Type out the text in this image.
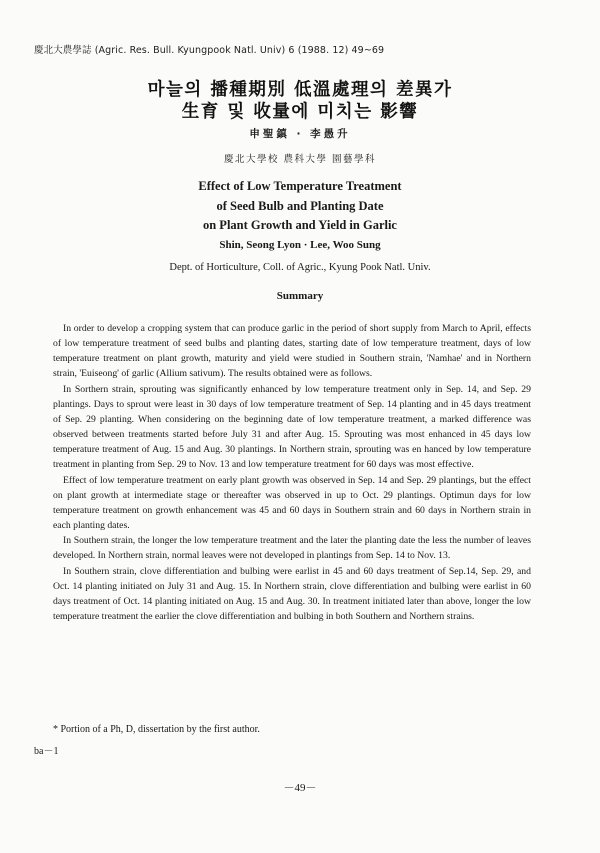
慶北大農學誌 (Agric. Res. Bull. Kyungpook Natl. Univ) 6 (1988. 12) 49~69
마늘의 播種期別 低溫處理의 差異가
生育 및 收量에 미치는 影響
申聖鎮 · 李愚升
慶北大學校 農科大學 園藝學科
Effect of Low Temperature Treatment
of Seed Bulb and Planting Date
on Plant Growth and Yield in Garlic
Shin, Seong Lyon · Lee, Woo Sung
Dept. of Horticulture, Coll. of Agric., Kyung Pook Natl. Univ.
Summary

In order to develop a cropping system that can produce garlic in the period of short supply from March to April, effects of low temperature treatment of seed bulbs and planting dates, starting date of low temperature treatment, days of low temperature treatment on plant growth, maturity and yield were studied in Southern strain, 'Namhae' and in Northern strain, 'Euiseong' of garlic (Allium sativum). The results obtained were as follows.

In Sorthern strain, sprouting was significantly enhanced by low temperature treatment only in Sep. 14, and Sep. 29 plantings. Days to sprout were least in 30 days of low temperature treatment of Sep. 14 planting and in 45 days treatment of Sep. 29 planting. When considering on the beginning date of low temperature treatment, a marked difference was observed between treatments started before July 31 and after Aug. 15. Sprouting was most enhanced in 45 days low temperature treatment of Aug. 15 and Aug. 30 plantings. In Northern strain, sprouting was en hanced by low temperature treatment in planting from Sep. 29 to Nov. 13 and low temperature treatment for 60 days was most effective.

Effect of low temperature treatment on early plant growth was observed in Sep. 14 and Sep. 29 plantings, but the effect on plant growth at intermediate stage or thereafter was observed in up to Oct. 29 plantings. Optimun days for low temperature treatment on growth enhancement was 45 and 60 days in Southern strain and 60 days in Northern strain in each planting dates.

In Southern strain, the longer the low temperature treatment and the later the planting date the less the number of leaves developed. In Northern strain, normal leaves were not developed in plantings from Sep. 14 to Nov. 13.

In Southern strain, clove differentiation and bulbing were earlist in 45 and 60 days treatment of Sep.14, Sep. 29, and Oct. 14 planting initiated on July 31 and Aug. 15. In Northern strain, clove differentiation and bulbing were earlist in 60 days treatment of Oct. 14 planting initiated on Aug. 15 and Aug. 30. In treatment initiated later than above, longer the low temperature treatment the earlier the clove differentiation and bulbing in both Southern and Northern strains.

* Portion of a Ph, D, dissertation by the first author.
ba－1
－49－
